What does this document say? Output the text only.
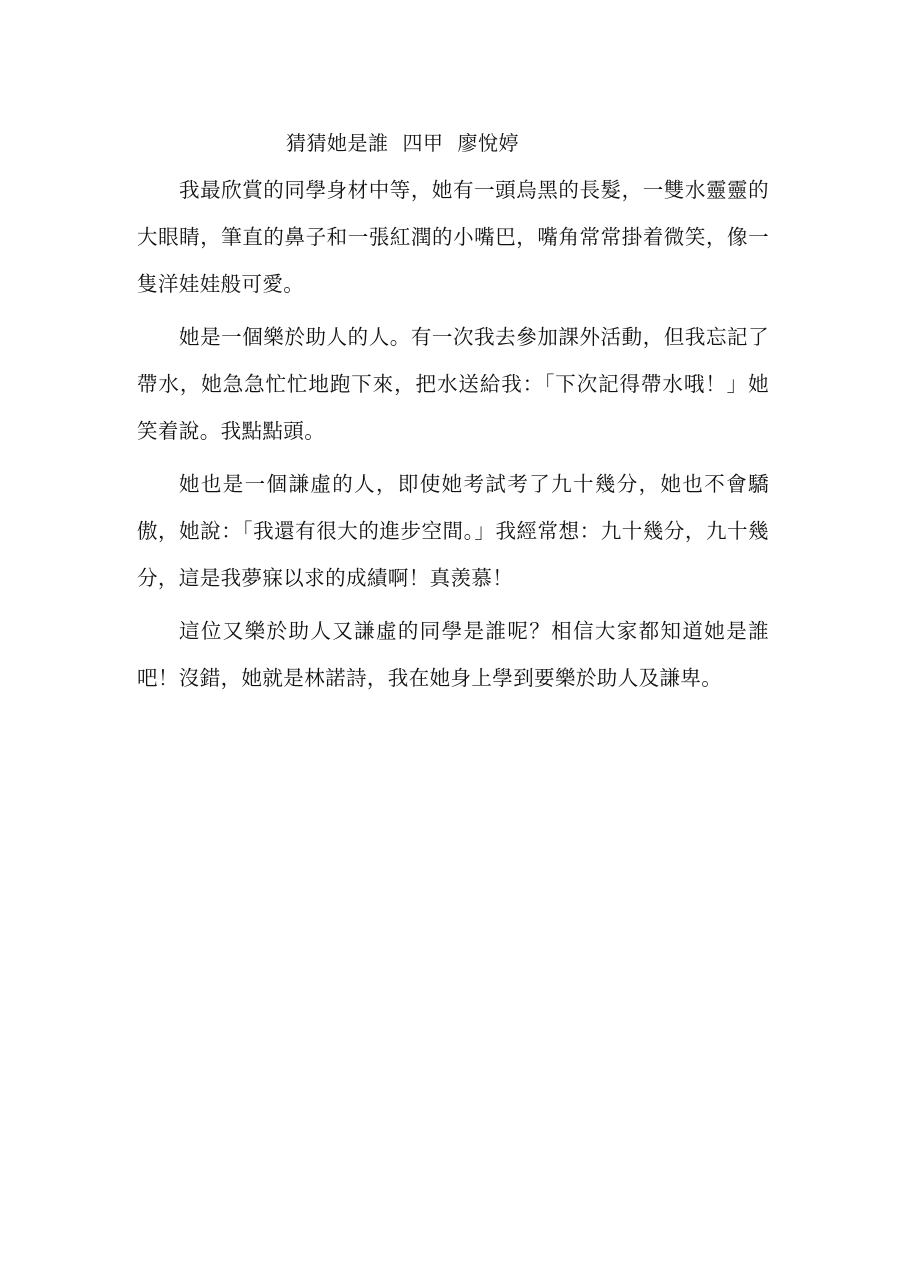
猜猜她是誰 四甲 廖悅婷

我最欣賞的同學身材中等，她有一頭烏黑的長髮，一雙水靈靈的大眼睛，筆直的鼻子和一張紅潤的小嘴巴，嘴角常常掛着微笑，像一隻洋娃娃般可愛。

她是一個樂於助人的人。有一次我去參加課外活動，但我忘記了帶水，她急急忙忙地跑下來，把水送給我：「下次記得帶水哦！」她笑着說。我點點頭。

她也是一個謙虛的人，即使她考試考了九十幾分，她也不會驕傲，她說：「我還有很大的進步空間。」我經常想：九十幾分，九十幾分，這是我夢寐以求的成績啊！真羡慕！

這位又樂於助人又謙虛的同學是誰呢？相信大家都知道她是誰吧！沒錯，她就是林諾詩，我在她身上學到要樂於助人及謙卑。
